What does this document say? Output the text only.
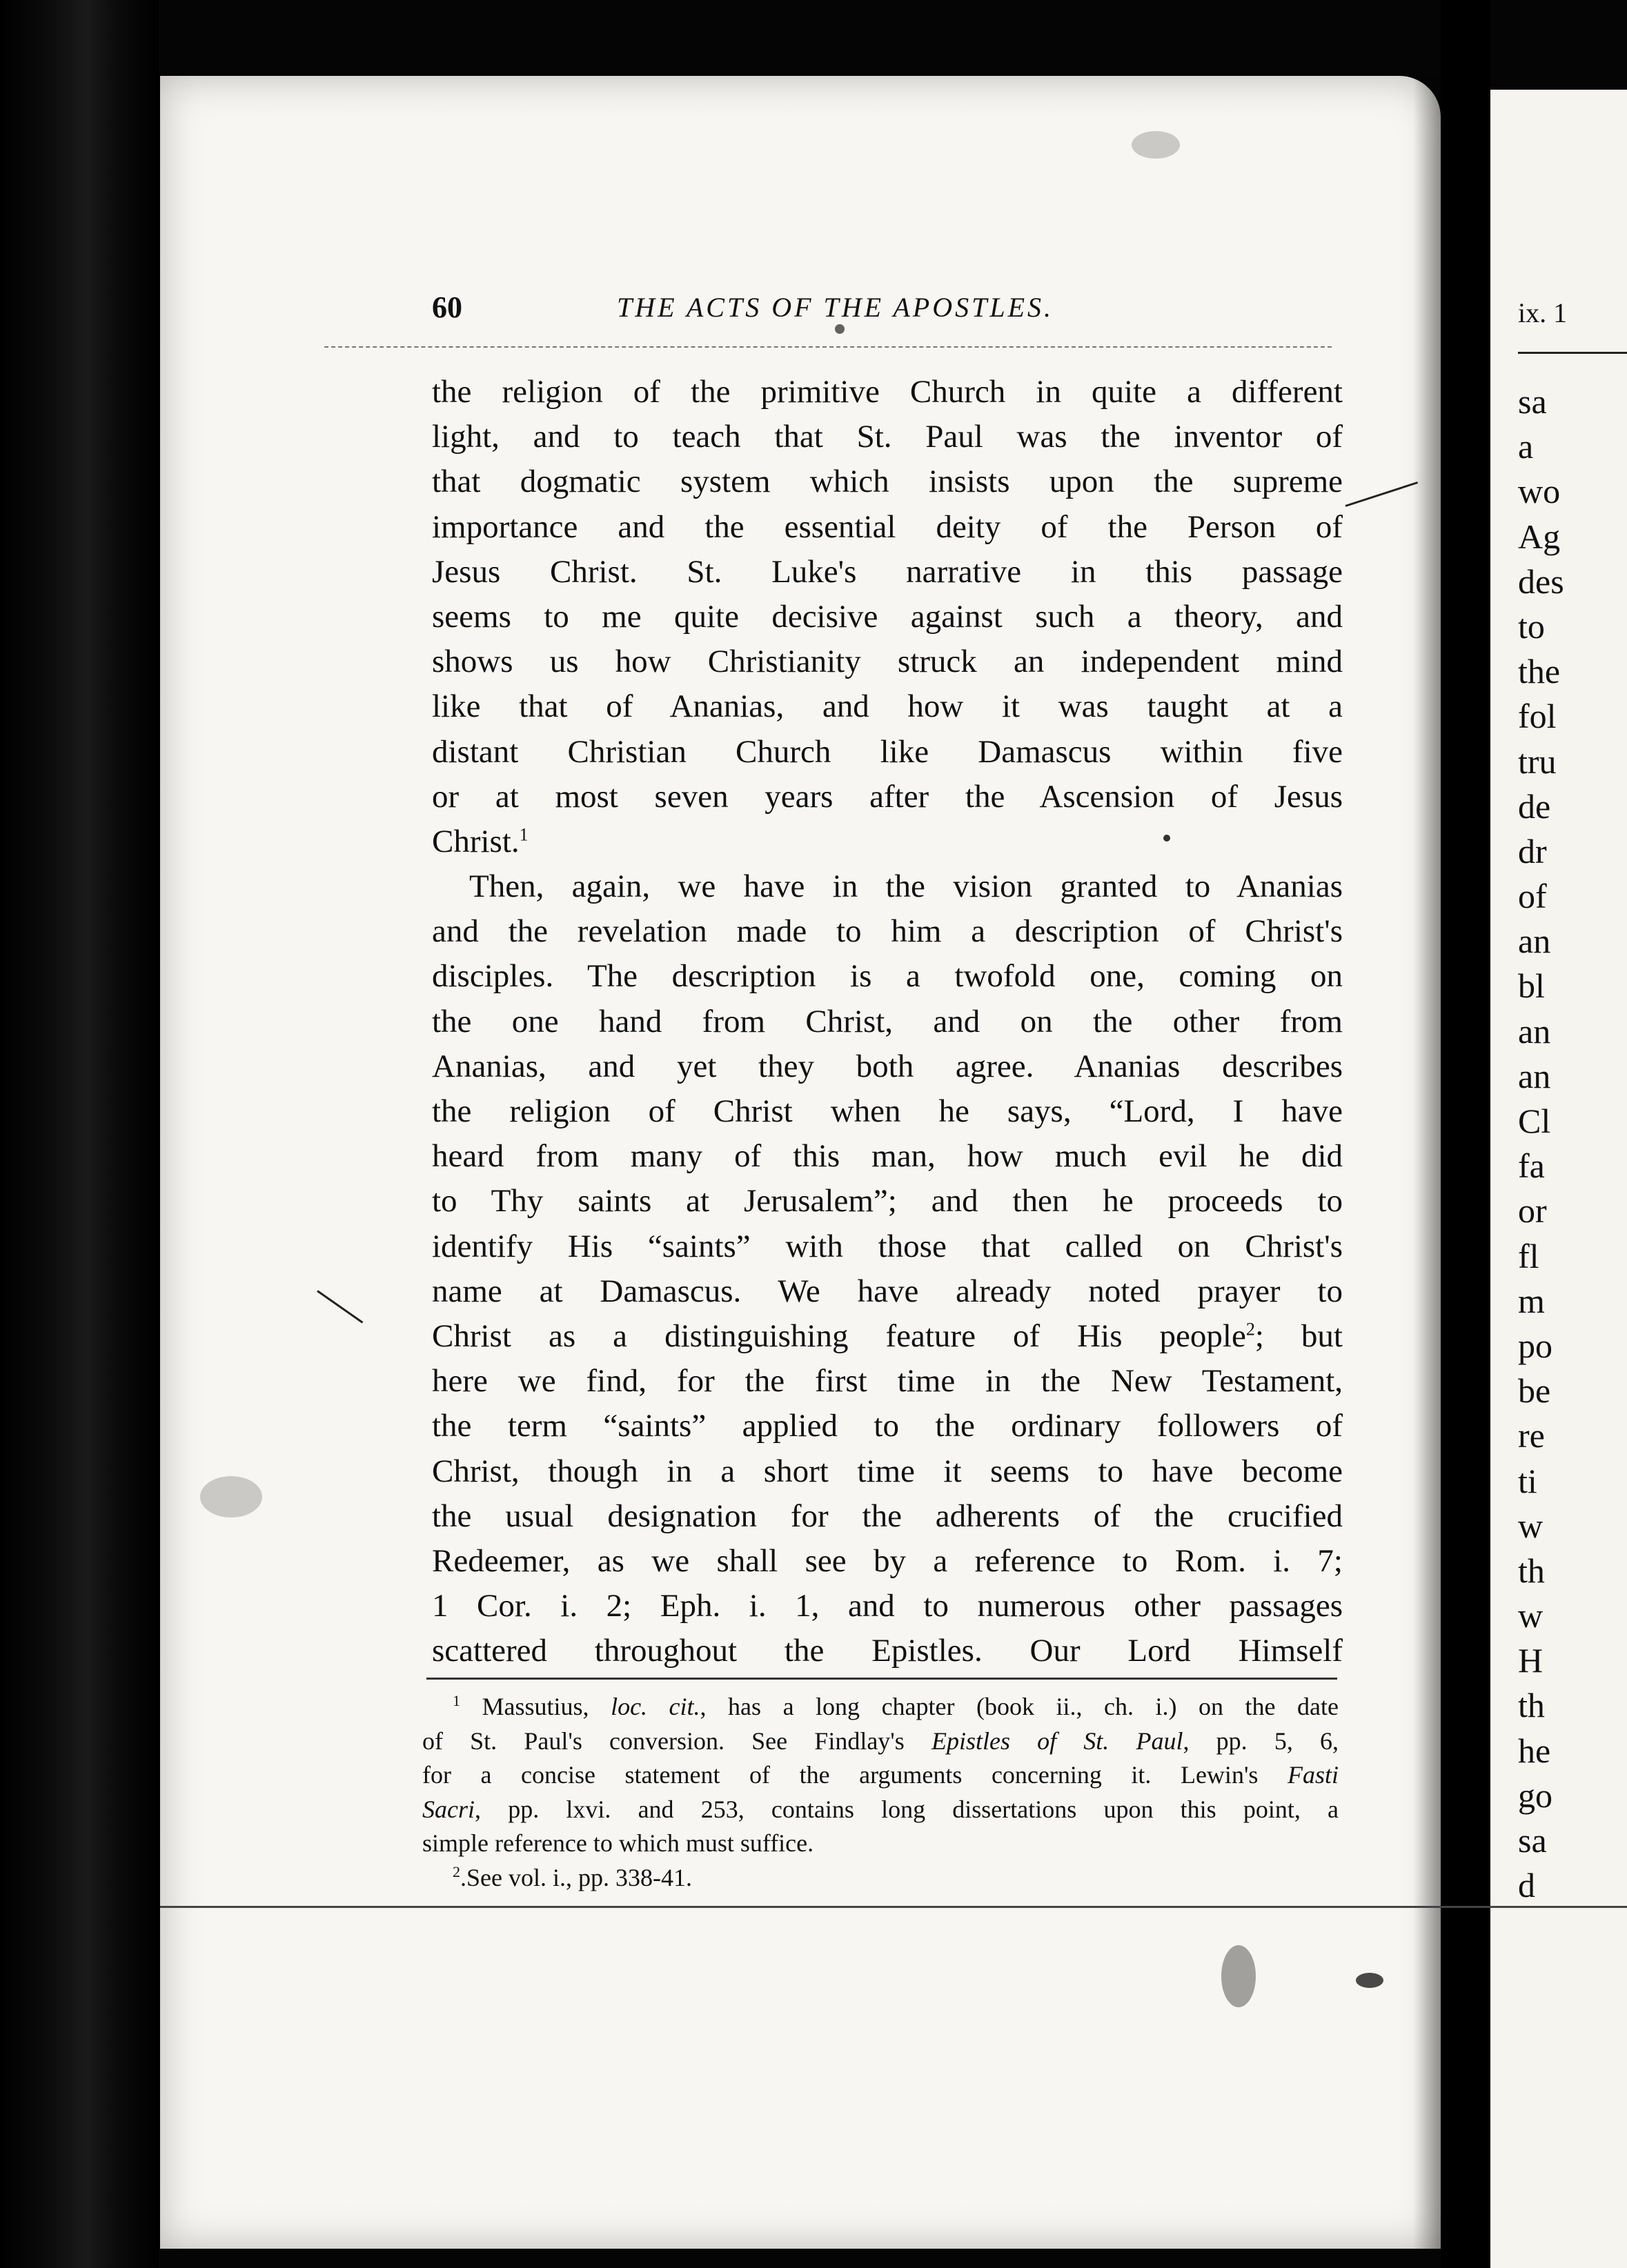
ix. 1
sa
a
wo
Ag
des
to
the
fol
tru
de
dr
of
an
bl
an
an
Cl
fa
or
fl
m
po
be
re
ti
w
th
w
H
th
he
go
sa
d
60	THE ACTS OF THE APOSTLES.
the religion of the primitive Church in quite a different
light, and to teach that St. Paul was the inventor of
that dogmatic system which insists upon the supreme
importance and the essential deity of the Person of
Jesus Christ. St. Luke's narrative in this passage
seems to me quite decisive against such a theory, and
shows us how Christianity struck an independent mind
like that of Ananias, and how it was taught at a
distant Christian Church like Damascus within five
or at most seven years after the Ascension of Jesus
Christ.$^1$
Then, again, we have in the vision granted to Ananias
and the revelation made to him a description of Christ's
disciples. The description is a twofold one, coming on
the one hand from Christ, and on the other from
Ananias, and yet they both agree. Ananias describes
the religion of Christ when he says, “Lord, I have
heard from many of this man, how much evil he did
to Thy saints at Jerusalem”; and then he proceeds to
identify His “saints” with those that called on Christ's
name at Damascus. We have already noted prayer to
Christ as a distinguishing feature of His people$^2$; but
here we find, for the first time in the New Testament,
the term “saints” applied to the ordinary followers of
Christ, though in a short time it seems to have become
the usual designation for the adherents of the crucified
Redeemer, as we shall see by a reference to Rom. i. 7;
1 Cor. i. 2; Eph. i. 1, and to numerous other passages
scattered throughout the Epistles. Our Lord Himself
$^1$ Massutius, loc. cit., has a long chapter (book ii., ch. i.) on the date
of St. Paul's conversion. See Findlay's Epistles of St. Paul, pp. 5, 6,
for a concise statement of the arguments concerning it. Lewin's Fasti
Sacri, pp. lxvi. and 253, contains long dissertations upon this point, a
simple reference to which must suffice.
$^2$.See vol. i., pp. 338-41.
